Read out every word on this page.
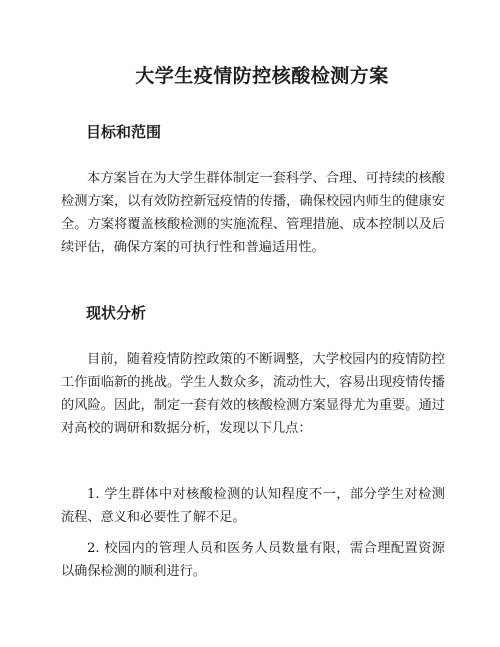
大学生疫情防控核酸检测方案
目标和范围

本方案旨在为大学生群体制定一套科学、合理、可持续的核酸检测方案，以有效防控新冠疫情的传播，确保校园内师生的健康安全。方案将覆盖核酸检测的实施流程、管理措施、成本控制以及后续评估，确保方案的可执行性和普遍适用性。

现状分析

目前，随着疫情防控政策的不断调整，大学校园内的疫情防控工作面临新的挑战。学生人数众多，流动性大，容易出现疫情传播的风险。因此，制定一套有效的核酸检测方案显得尤为重要。通过对高校的调研和数据分析，发现以下几点：

1. 学生群体中对核酸检测的认知程度不一，部分学生对检测流程、意义和必要性了解不足。

2. 校园内的管理人员和医务人员数量有限，需合理配置资源以确保检测的顺利进行。
